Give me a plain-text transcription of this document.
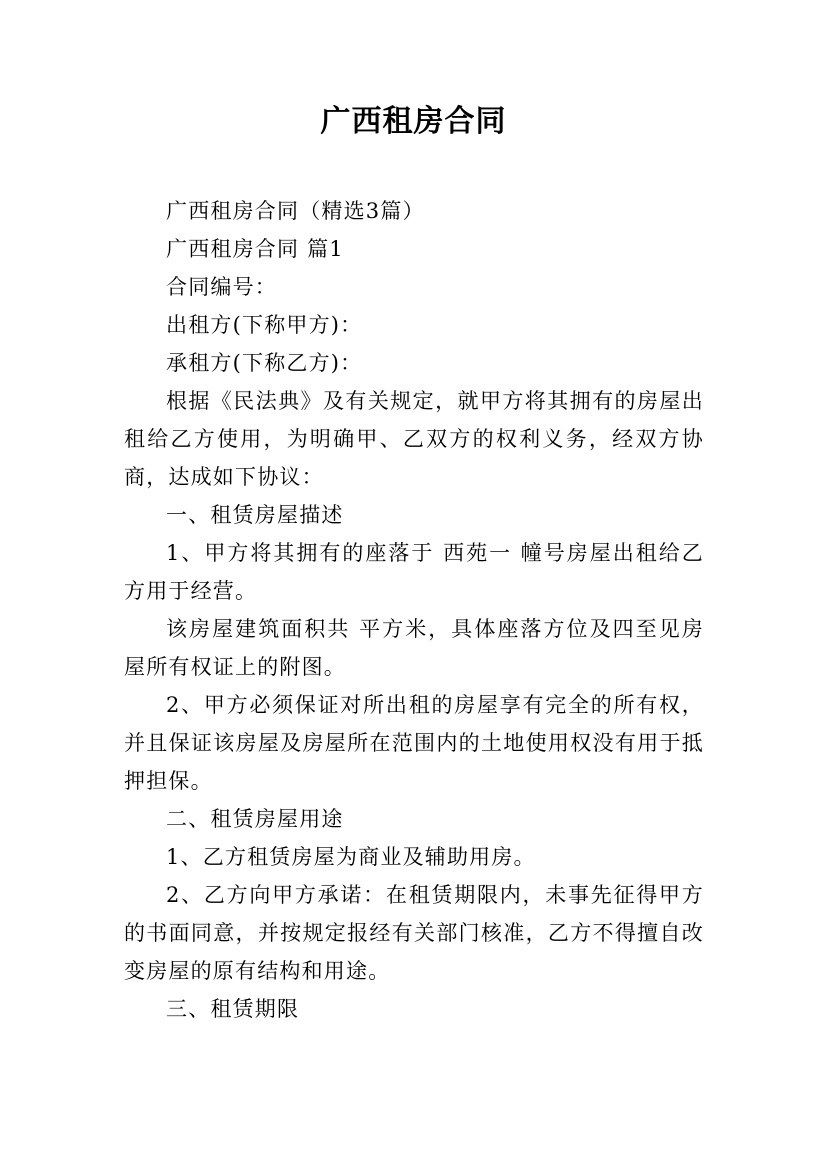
广西租房合同

广西租房合同（精选3篇）

广西租房合同 篇1

合同编号：

出租方(下称甲方)：

承租方(下称乙方)：

根据《民法典》及有关规定，就甲方将其拥有的房屋出租给乙方使用，为明确甲、乙双方的权利义务，经双方协商，达成如下协议：

一、租赁房屋描述

1、甲方将其拥有的座落于 西苑一 幢号房屋出租给乙方用于经营。

该房屋建筑面积共 平方米，具体座落方位及四至见房屋所有权证上的附图。

2、甲方必须保证对所出租的房屋享有完全的所有权，并且保证该房屋及房屋所在范围内的土地使用权没有用于抵押担保。

二、租赁房屋用途

1、乙方租赁房屋为商业及辅助用房。

2、乙方向甲方承诺：在租赁期限内，未事先征得甲方的书面同意，并按规定报经有关部门核准，乙方不得擅自改变房屋的原有结构和用途。

三、租赁期限
